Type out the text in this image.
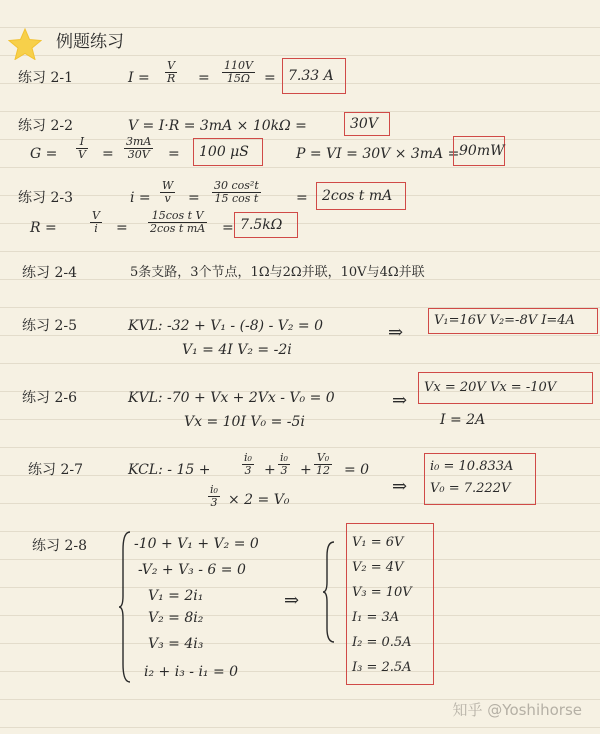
例题练习
练习 2-1	$I = \frac{V}{R} = \frac{110V}{15\Omega} = 7.33$ A
练习 2-2	V = I·R = 3mA × 10kΩ =	30V
$G = \frac{I}{V} = \frac{3mA}{30V}$ =	100 μS	P = VI = 30V × 3mA = 90mW
练习 2-3	$i = \frac{W}{v} = \frac{\text{30 cos²t}}{\text{15 cos t}}$	=	2cos t mA
R =	$\frac{V}{i} = \frac{\text{15cos t V}}{\text{2cos t mA}} = 7.5k\Omega$
练习 2-4	5条支路，3个节点，1Ω与2Ω并联，10V与4Ω并联
练习 2-5	KVL: -32 + V₁ - (-8) - V₂ = 0
V₁ = 4I V₂ = -2i
⇒
V₁=16V V₂=-8V I=4A
练习 2-6	KVL: -70 + Vx + 2Vx - V₀ = 0
Vx = 10I V₀ = -5i
⇒
Vx = 20V Vx = -10V
I = 2A
练习 2-7	KCL: - 15 +	$\frac{\text{i₀}}{3} + \frac{\text{i₀}}{3} + \frac{\text{V₀}}{12} = 0$
$\frac{\text{i₀}}{3} \times 2 = V_0$
⇒
i₀ = 10.833A
V₀ = 7.222V
练习 2-8	-10 + V₁ + V₂ = 0
-V₂ + V₃ - 6 = 0
V₁ = 2i₁
V₂ = 8i₂
V₃ = 4i₃
i₂ + i₃ - i₁ = 0
⇒
V₁ = 6V
V₂ = 4V
V₃ = 10V
I₁ = 3A
I₂ = 0.5A
I₃ = 2.5A
知乎 @Yoshihorse
